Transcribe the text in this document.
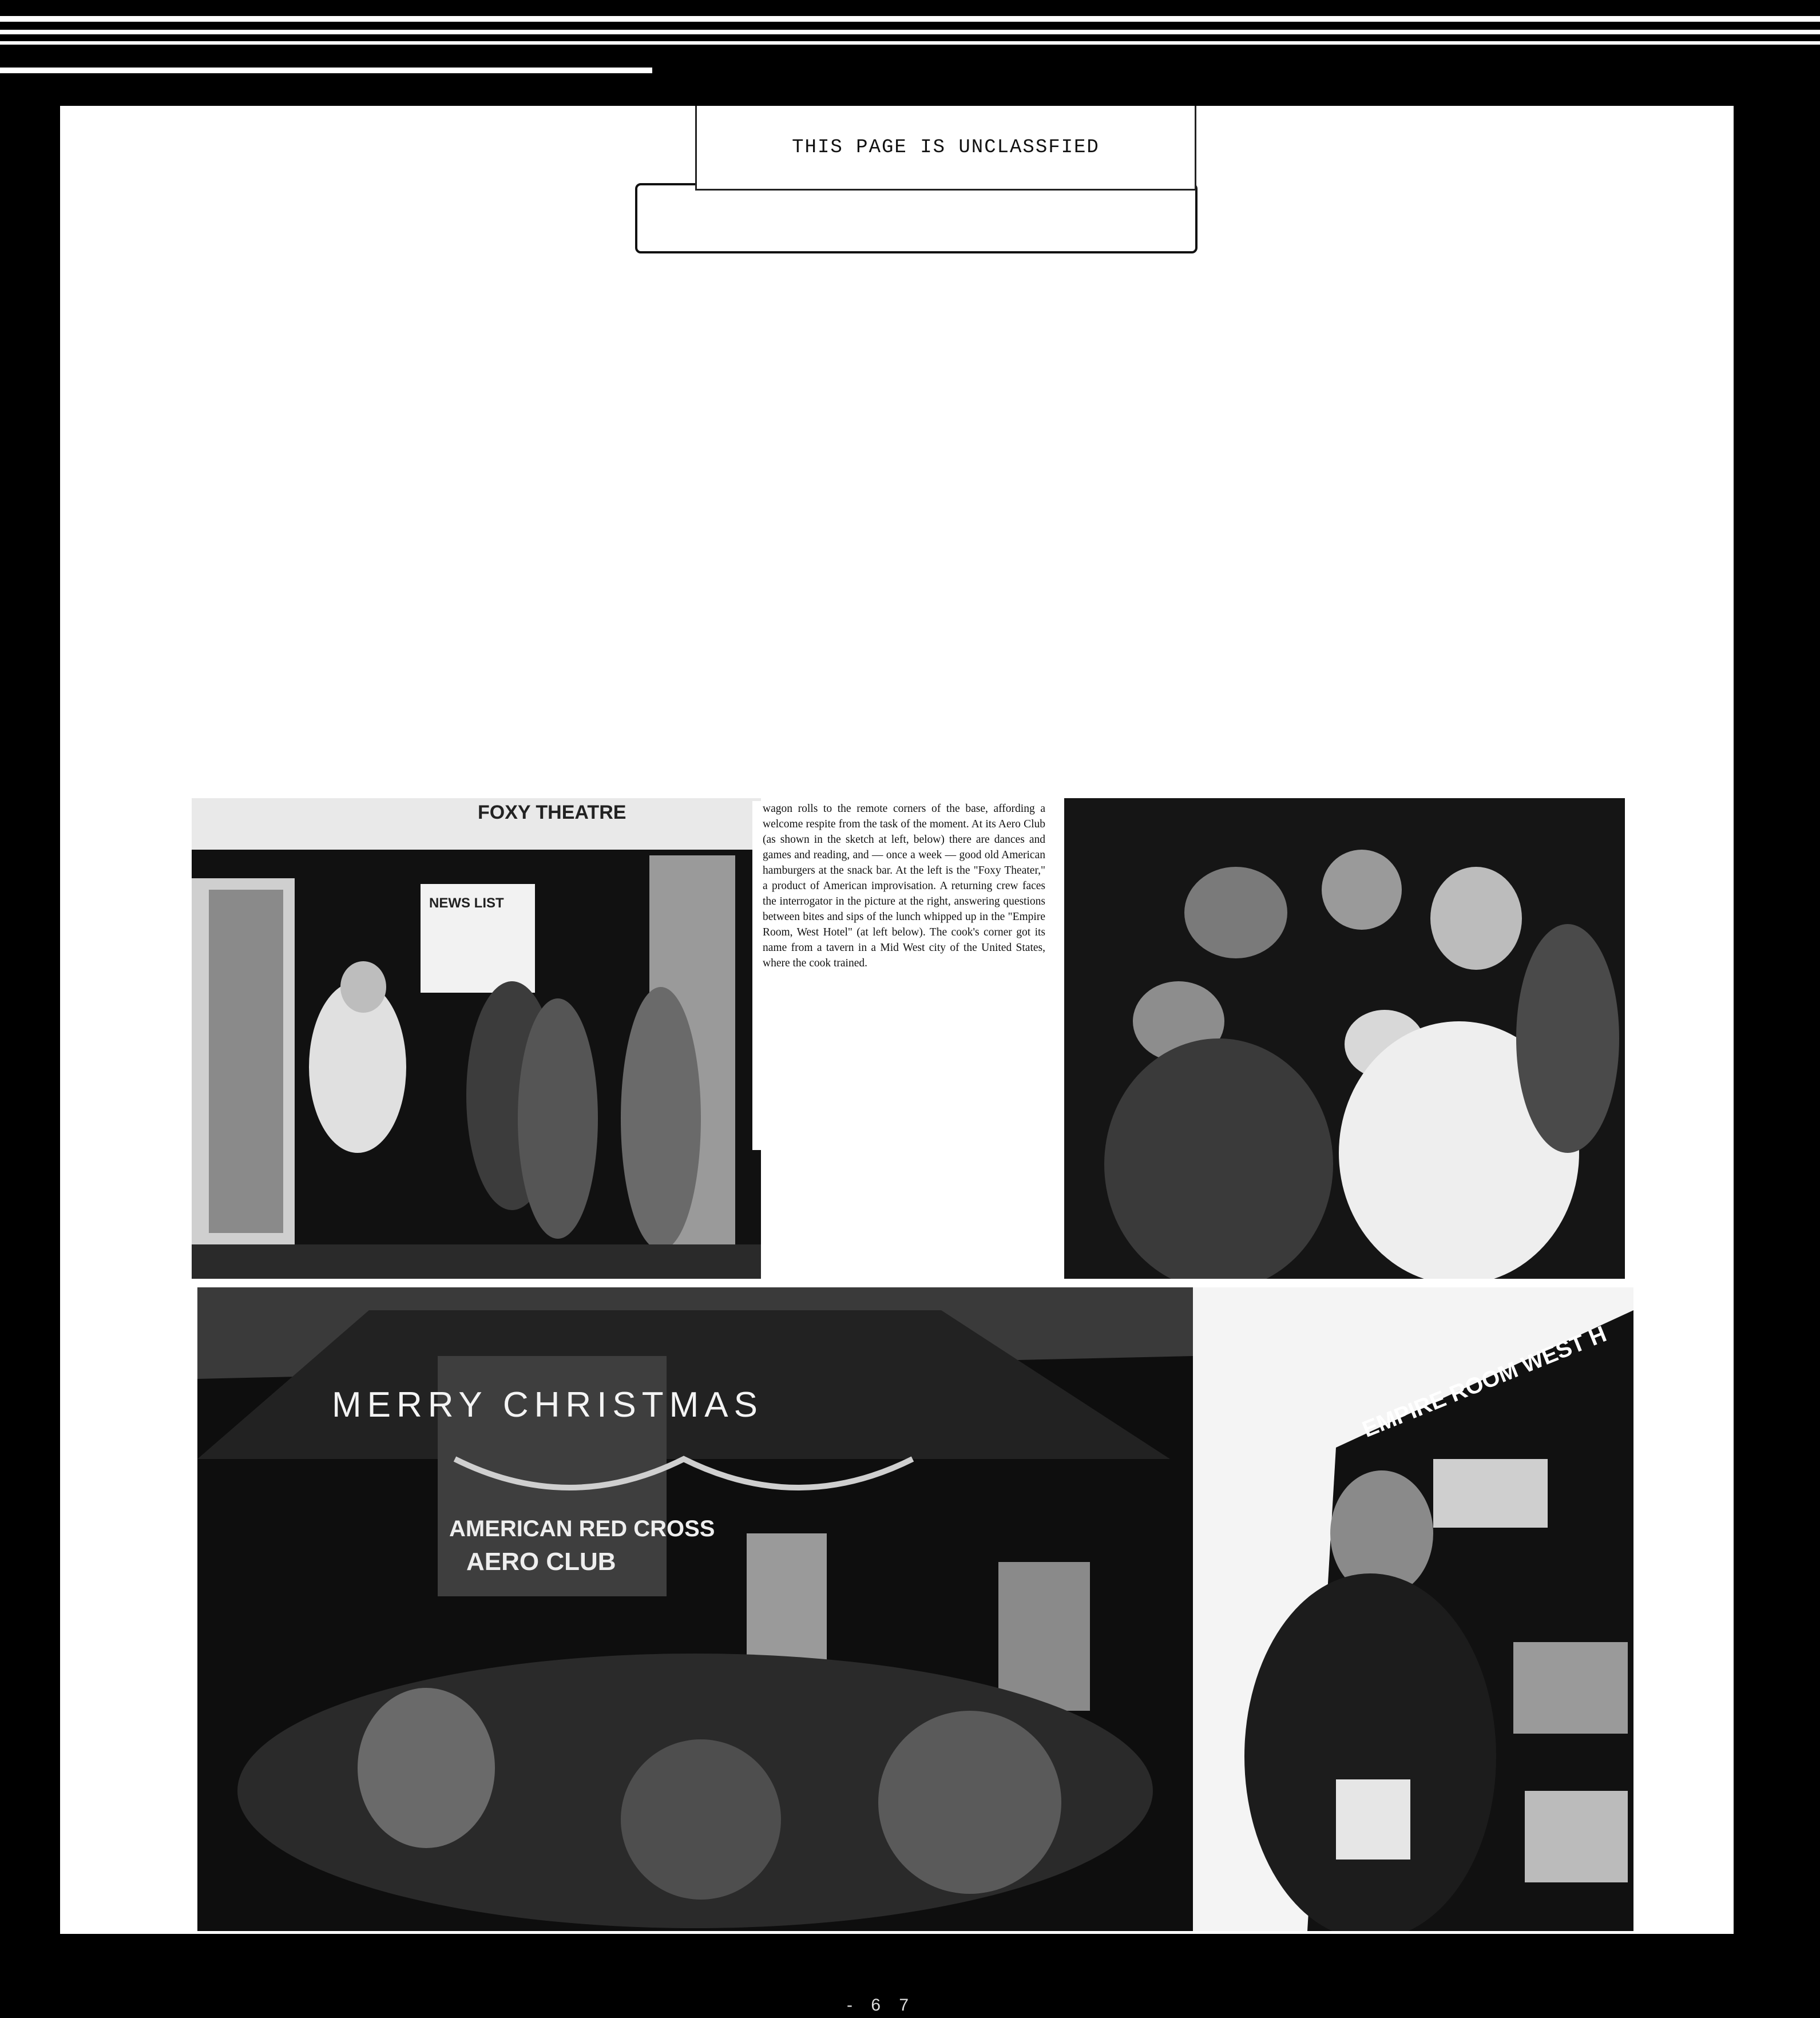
THIS PAGE IS UNCLASSFIED
FOXY THEATRE
NEWS LIST
wagon rolls to the remote corners of the base, affording a welcome respite from the task of the moment. At its Aero Club (as shown in the sketch at left, below) there are dances and games and reading, and — once a week — good old American hamburgers at the snack bar. At the left is the "Foxy Theater," a product of American improvisation. A returning crew faces the interrogator in the picture at the right, answering questions between bites and sips of the lunch whipped up in the "Empire Room, West Hotel" (at left below). The cook's corner got its name from a tavern in a Mid West city of the United States, where the cook trained.
MERRY CHRISTMAS
AMERICAN RED CROSS
AERO CLUB
EMPIRE ROOM WEST H
- 6 7
